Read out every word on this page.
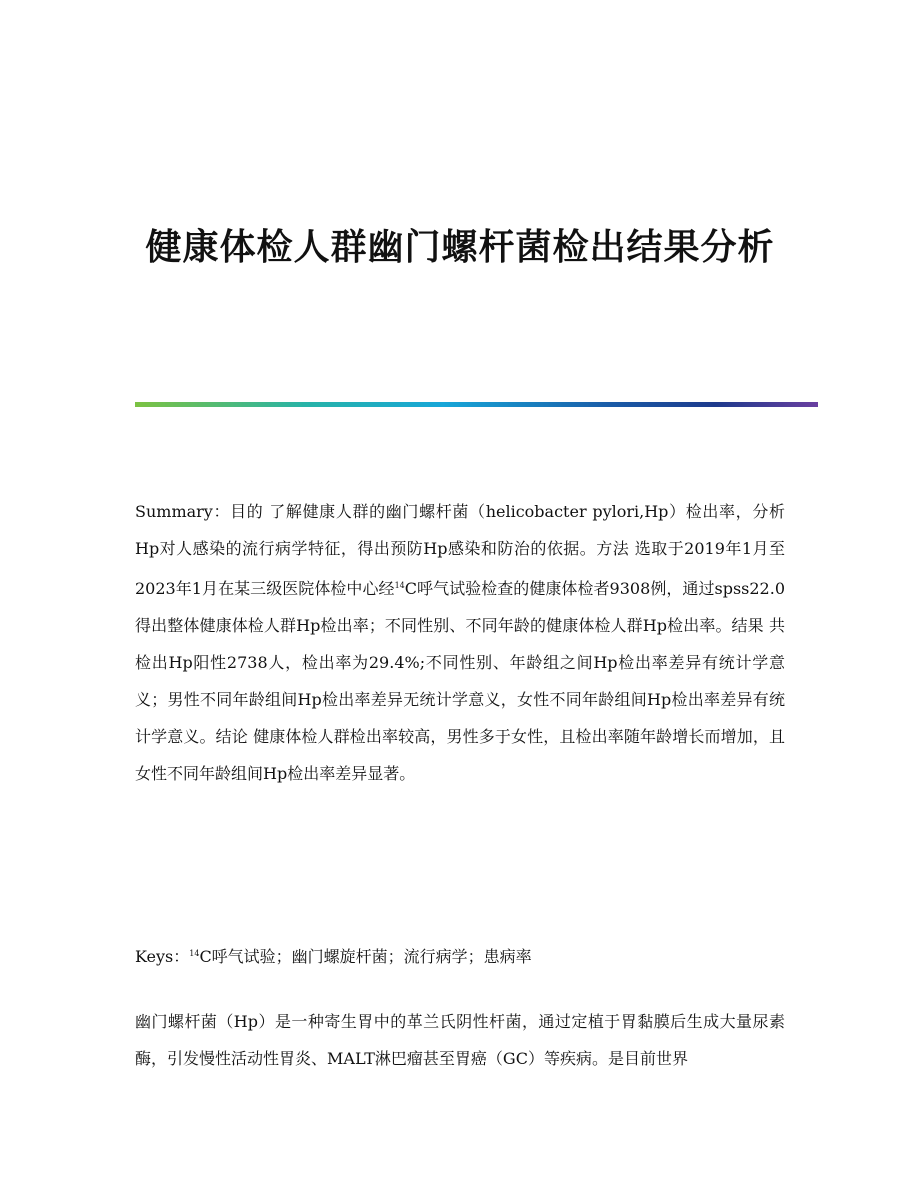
健康体检人群幽门螺杆菌检出结果分析

Summary：目的 了解健康人群的幽门螺杆菌（helicobacter pylori,Hp）检出率，分析Hp对人感染的流行病学特征，得出预防Hp感染和防治的依据。方法 选取于2019年1月至2023年1月在某三级医院体检中心经$^{14}$C呼气试验检查的健康体检者9308例，通过spss22.0得出整体健康体检人群Hp检出率；不同性别、不同年龄的健康体检人群Hp检出率。结果 共检出Hp阳性2738人，检出率为29.4%;不同性别、年龄组之间Hp检出率差异有统计学意义；男性不同年龄组间Hp检出率差异无统计学意义，女性不同年龄组间Hp检出率差异有统计学意义。结论 健康体检人群检出率较高，男性多于女性，且检出率随年龄增长而增加，且女性不同年龄组间Hp检出率差异显著。

Keys：$^{14}$C呼气试验；幽门螺旋杆菌；流行病学；患病率

幽门螺杆菌（Hp）是一种寄生胃中的革兰氏阴性杆菌，通过定植于胃黏膜后生成大量尿素酶，引发慢性活动性胃炎、MALT淋巴瘤甚至胃癌（GC）等疾病。是目前世界
